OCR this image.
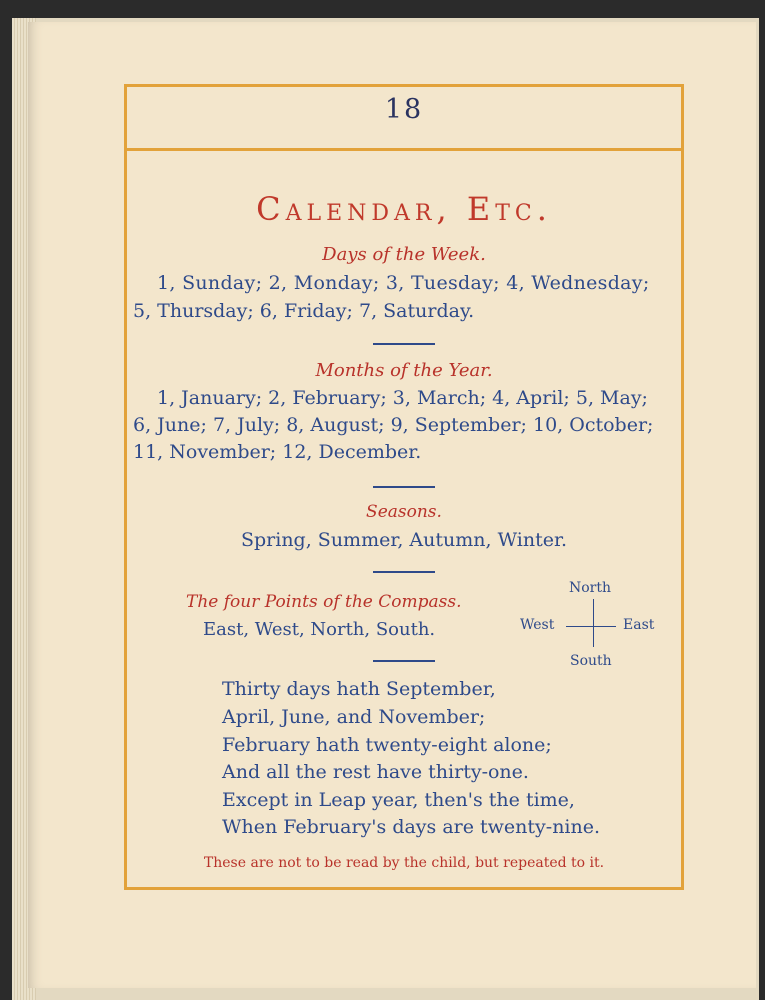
18
Calendar, Etc.
Days of the Week.
1, Sunday; 2, Monday; 3, Tuesday; 4, Wednesday;
5, Thursday; 6, Friday; 7, Saturday.
Months of the Year.
1, January; 2, February; 3, March; 4, April; 5, May;
6, June; 7, July; 8, August; 9, September; 10, October;
11, November; 12, December.
Seasons.
Spring, Summer, Autumn, Winter.
The four Points of the Compass.
East, West, North, South.
North
West	East
South
Thirty days hath September,
April, June, and November;
February hath twenty-eight alone;
And all the rest have thirty-one.
Except in Leap year, then's the time,
When February's days are twenty-nine.
These are not to be read by the child, but repeated to it.
